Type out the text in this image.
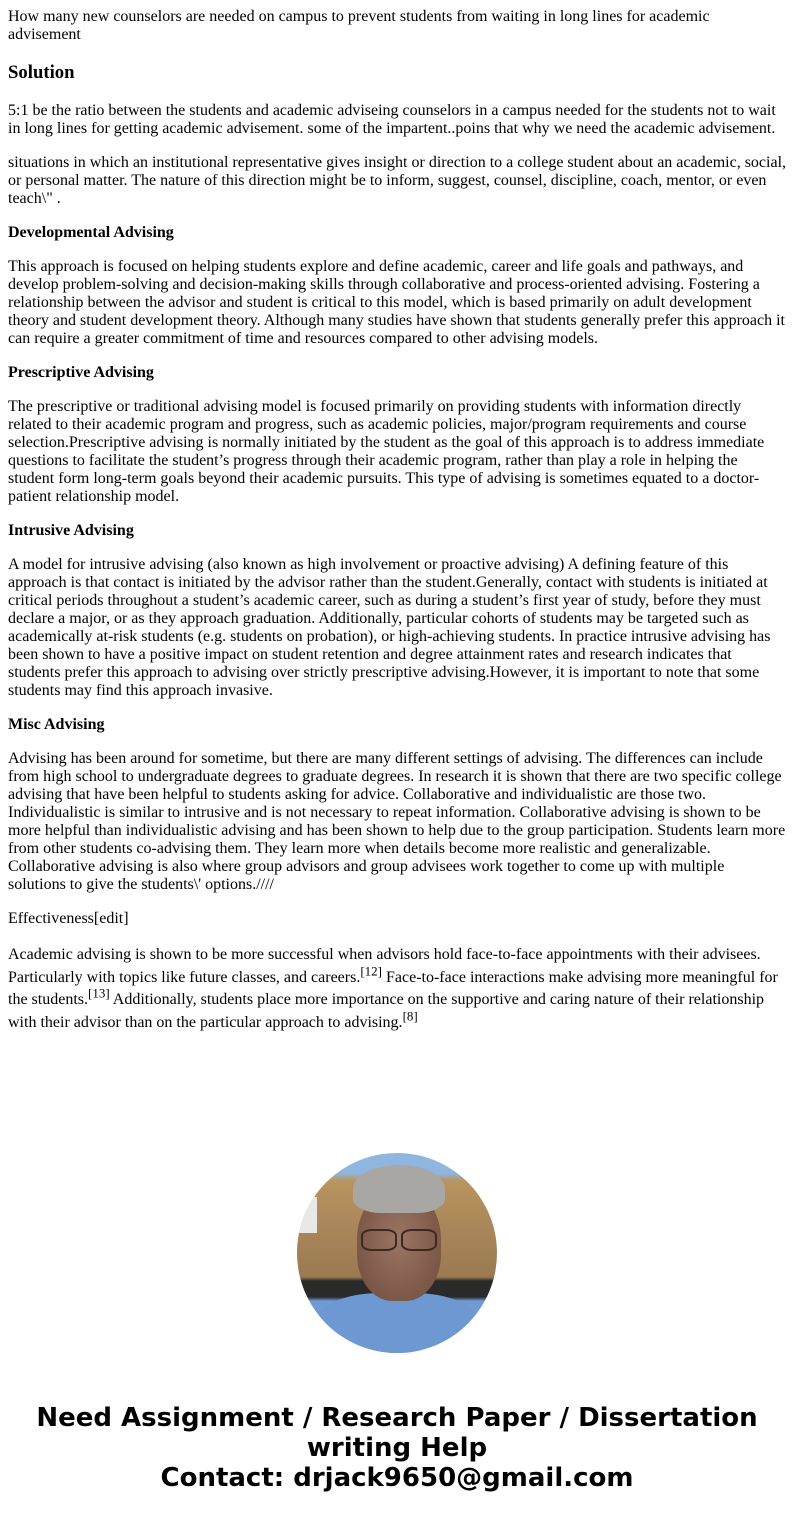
How many new counselors are needed on campus to prevent students from waiting in long lines for academic advisement
Solution

5:1 be the ratio between the students and academic adviseing counselors in a campus needed for the students not to wait in long lines for getting academic advisement. some of the impartent..poins that why we need the academic advisement.

situations in which an institutional representative gives insight or direction to a college student about an academic, social, or personal matter. The nature of this direction might be to inform, suggest, counsel, discipline, coach, mentor, or even teach\" .

Developmental Advising

This approach is focused on helping students explore and define academic, career and life goals and pathways, and develop problem-solving and decision-making skills through collaborative and process-oriented advising. Fostering a relationship between the advisor and student is critical to this model, which is based primarily on adult development theory and student development theory. Although many studies have shown that students generally prefer this approach it can require a greater commitment of time and resources compared to other advising models.

Prescriptive Advising

The prescriptive or traditional advising model is focused primarily on providing students with information directly related to their academic program and progress, such as academic policies, major/program requirements and course selection.Prescriptive advising is normally initiated by the student as the goal of this approach is to address immediate questions to facilitate the student’s progress through their academic program, rather than play a role in helping the student form long-term goals beyond their academic pursuits. This type of advising is sometimes equated to a doctor-patient relationship model.

Intrusive Advising

A model for intrusive advising (also known as high involvement or proactive advising) A defining feature of this approach is that contact is initiated by the advisor rather than the student.Generally, contact with students is initiated at critical periods throughout a student’s academic career, such as during a student’s first year of study, before they must declare a major, or as they approach graduation. Additionally, particular cohorts of students may be targeted such as academically at-risk students (e.g. students on probation), or high-achieving students. In practice intrusive advising has been shown to have a positive impact on student retention and degree attainment rates and research indicates that students prefer this approach to advising over strictly prescriptive advising.However, it is important to note that some students may find this approach invasive.

Misc Advising

Advising has been around for sometime, but there are many different settings of advising. The differences can include from high school to undergraduate degrees to graduate degrees. In research it is shown that there are two specific college advising that have been helpful to students asking for advice. Collaborative and individualistic are those two. Individualistic is similar to intrusive and is not necessary to repeat information. Collaborative advising is shown to be more helpful than individualistic advising and has been shown to help due to the group participation. Students learn more from other students co-advising them. They learn more when details become more realistic and generalizable. Collaborative advising is also where group advisors and group advisees work together to come up with multiple solutions to give the students\' options.////

Effectiveness[edit]

Academic advising is shown to be more successful when advisors hold face-to-face appointments with their advisees. Particularly with topics like future classes, and careers.[12] Face-to-face interactions make advising more meaningful for the students.[13] Additionally, students place more importance on the supportive and caring nature of their relationship with their advisor than on the particular approach to advising.[8]

Need Assignment / Research Paper / Dissertation
writing Help
Contact: drjack9650@gmail.com
